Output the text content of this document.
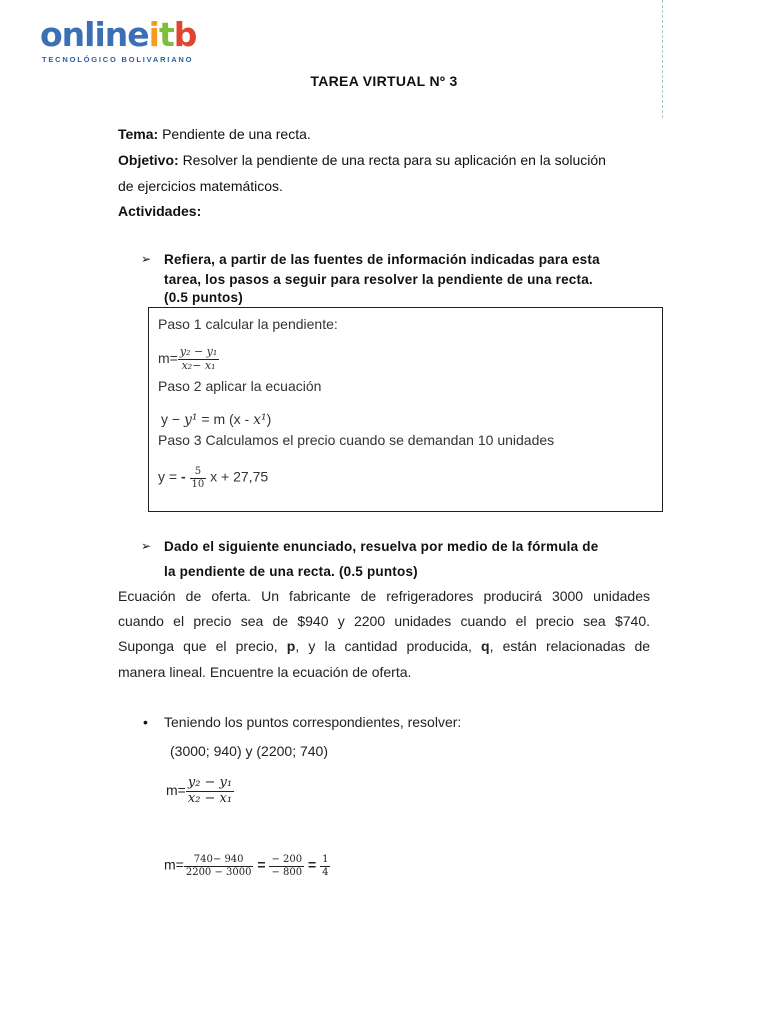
onlineitb
TECNOLÓGICO BOLIVARIANO
TAREA VIRTUAL Nº 3
Tema: Pendiente de una recta.
Objetivo: Resolver la pendiente de una recta para su aplicación en la solución
de ejercicios matemáticos.
Actividades:
➢ Refiera, a partir de las fuentes de información indicadas para esta
tarea, los pasos a seguir para resolver la pendiente de una recta.
(0.5 puntos)
Paso 1 calcular la pendiente:
$m= \frac{\text{y₂ − y₁}}{\text{x₂− x₁}}$
Paso 2 aplicar la ecuación
y − y¹ = m (x - x¹)
Paso 3 Calculamos el precio cuando se demandan 10 unidades
y = - $\frac{5}{10}$ x + 27,75
➢ Dado el siguiente enunciado, resuelva por medio de la fórmula de
la pendiente de una recta. (0.5 puntos)
Ecuación de oferta. Un fabricante de refrigeradores producirá 3000 unidades
cuando el precio sea de $940 y 2200 unidades cuando el precio sea $740.
Suponga que el precio, p, y la cantidad producida, q, están relacionadas de
manera lineal. Encuentre la ecuación de oferta.
• Teniendo los puntos correspondientes, resolver:
(3000; 940) y (2200; 740)
$m= \frac{\text{y₂ − y₁}}{\text{x₂ − x₁}}$
$m= \frac{740- 940}{2200 - 3000} = \frac{- 200}{- 800} = \frac{1}{4}$
